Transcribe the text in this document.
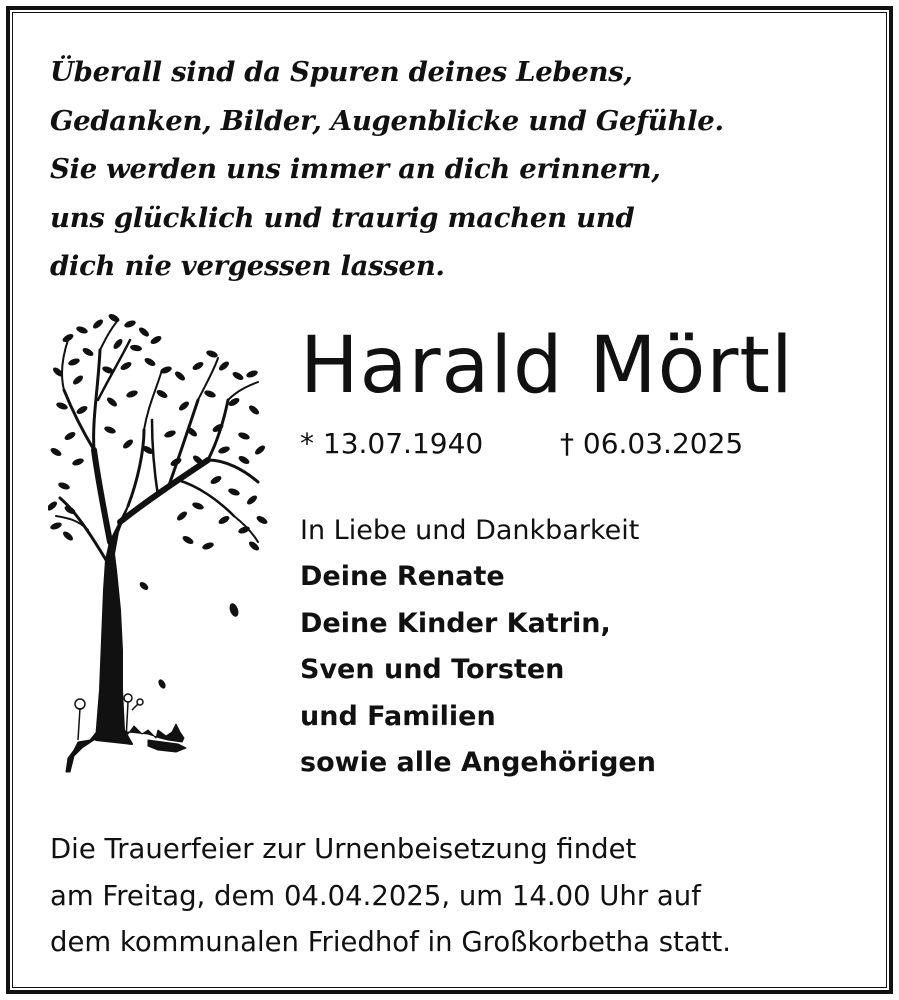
Überall sind da Spuren deines Lebens,
Gedanken, Bilder, Augenblicke und Gefühle.
Sie werden uns immer an dich erinnern,
uns glücklich und traurig machen und
dich nie vergessen lassen.
Harald Mörtl
* 13.07.1940	† 06.03.2025
In Liebe und Dankbarkeit
Deine Renate
Deine Kinder Katrin,
Sven und Torsten
und Familien
sowie alle Angehörigen
Die Trauerfeier zur Urnenbeisetzung findet
am Freitag, dem 04.04.2025, um 14.00 Uhr auf
dem kommunalen Friedhof in Großkorbetha statt.
